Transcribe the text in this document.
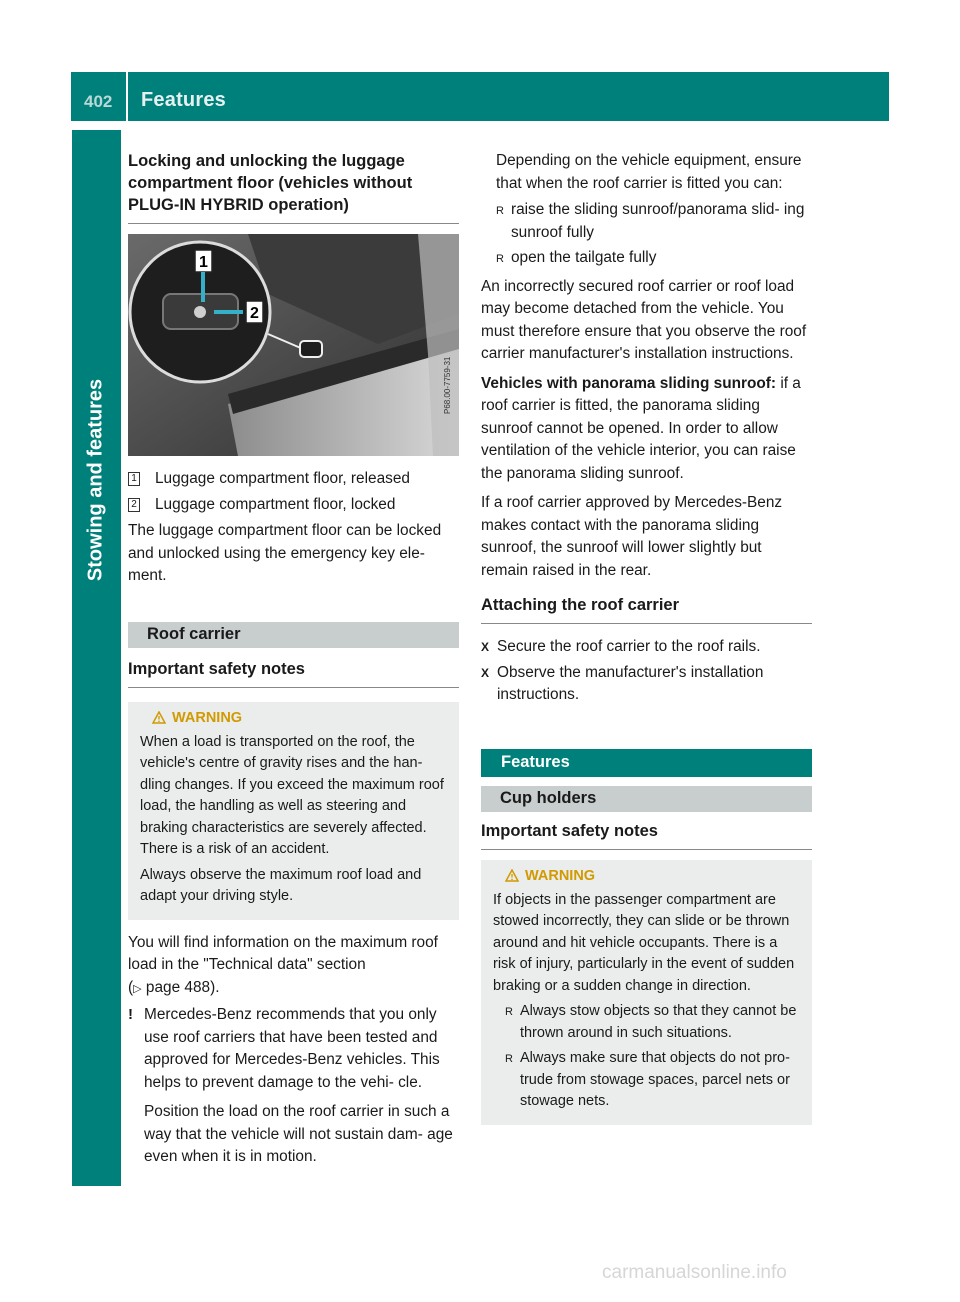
402 Features
Stowing and features
Locking and unlocking the luggage compartment floor (vehicles without PLUG-IN HYBRID operation)
1
2
P68.00-7759-31
1 Luggage compartment floor, released
2 Luggage compartment floor, locked
The luggage compartment floor can be locked and unlocked using the emergency key ele- ment.
Roof carrier
Important safety notes
WARNING
When a load is transported on the roof, the vehicle's centre of gravity rises and the han- dling changes. If you exceed the maximum roof load, the handling as well as steering and braking characteristics are severely affected. There is a risk of an accident.
Always observe the maximum roof load and adapt your driving style.
You will find information on the maximum roof load in the "Technical data" section
(▷ page 488).
! Mercedes-Benz recommends that you only use roof carriers that have been tested and approved for Mercedes-Benz vehicles. This helps to prevent damage to the vehi- cle.
Position the load on the roof carrier in such a way that the vehicle will not sustain dam- age even when it is in motion.
Depending on the vehicle equipment, ensure that when the roof carrier is fitted you can:
R raise the sliding sunroof/panorama slid- ing sunroof fully
R open the tailgate fully
An incorrectly secured roof carrier or roof load may become detached from the vehicle. You must therefore ensure that you observe the roof carrier manufacturer's installation instructions.
Vehicles with panorama sliding sunroof: if a roof carrier is fitted, the panorama sliding sunroof cannot be opened. In order to allow ventilation of the vehicle interior, you can raise the panorama sliding sunroof.
If a roof carrier approved by Mercedes-Benz makes contact with the panorama sliding sunroof, the sunroof will lower slightly but remain raised in the rear.
Attaching the roof carrier
X Secure the roof carrier to the roof rails.
X Observe the manufacturer's installation instructions.
Features
Cup holders
Important safety notes
WARNING
If objects in the passenger compartment are stowed incorrectly, they can slide or be thrown around and hit vehicle occupants. There is a risk of injury, particularly in the event of sudden braking or a sudden change in direction.
R Always stow objects so that they cannot be thrown around in such situations.
R Always make sure that objects do not pro- trude from stowage spaces, parcel nets or stowage nets.
carmanualsonline.info
